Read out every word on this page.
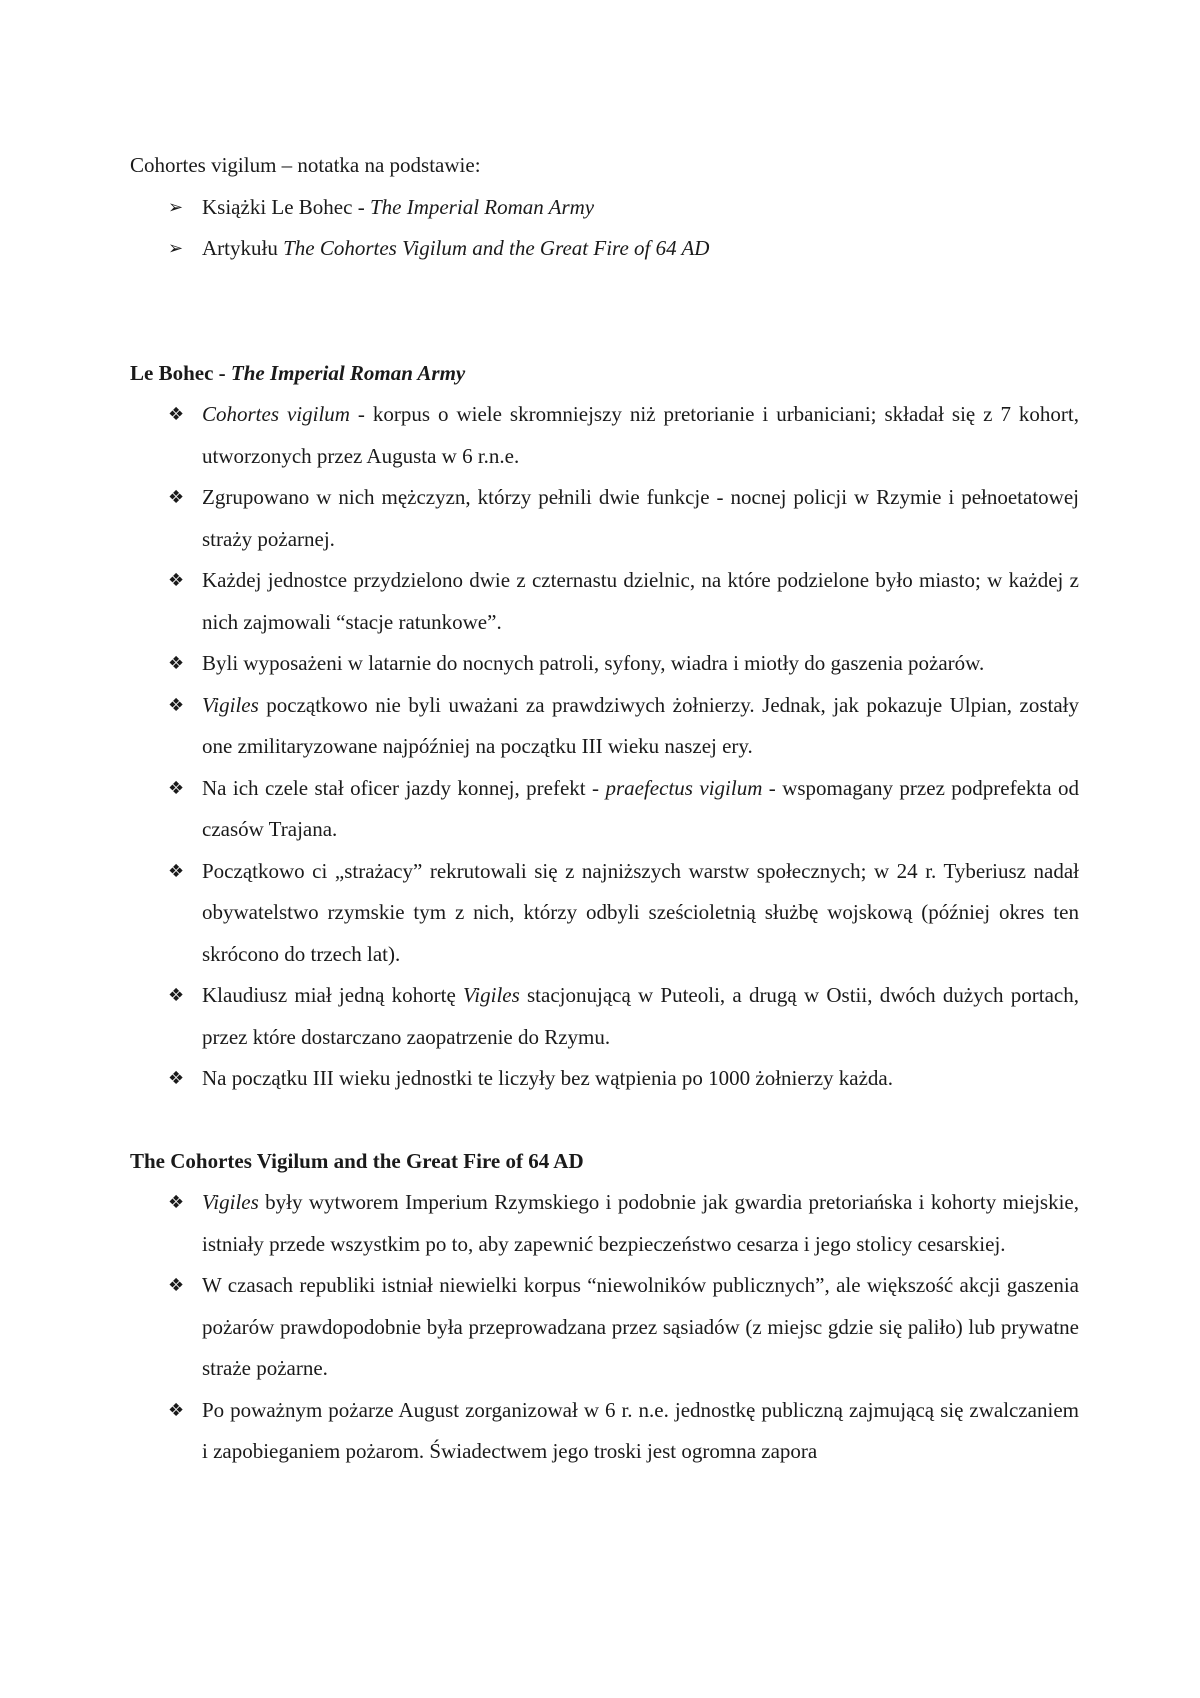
Cohortes vigilum – notatka na podstawie:

➢ Książki Le Bohec - The Imperial Roman Army
➢ Artykułu The Cohortes Vigilum and the Great Fire of 64 AD

Le Bohec - The Imperial Roman Army

❖ Cohortes vigilum - korpus o wiele skromniejszy niż pretorianie i urbaniciani; składał się z 7 kohort, utworzonych przez Augusta w 6 r.n.e.
❖ Zgrupowano w nich mężczyzn, którzy pełnili dwie funkcje - nocnej policji w Rzymie i pełnoetatowej straży pożarnej.
❖ Każdej jednostce przydzielono dwie z czternastu dzielnic, na które podzielone było miasto; w każdej z nich zajmowali “stacje ratunkowe”.
❖ Byli wyposażeni w latarnie do nocnych patroli, syfony, wiadra i miotły do gaszenia pożarów.
❖ Vigiles początkowo nie byli uważani za prawdziwych żołnierzy. Jednak, jak pokazuje Ulpian, zostały one zmilitaryzowane najpóźniej na początku III wieku naszej ery.
❖ Na ich czele stał oficer jazdy konnej, prefekt - praefectus vigilum - wspomagany przez podprefekta od czasów Trajana.
❖ Początkowo ci „strażacy” rekrutowali się z najniższych warstw społecznych; w 24 r. Tyberiusz nadał obywatelstwo rzymskie tym z nich, którzy odbyli sześcioletnią służbę wojskową (później okres ten skrócono do trzech lat).
❖ Klaudiusz miał jedną kohortę Vigiles stacjonującą w Puteoli, a drugą w Ostii, dwóch dużych portach, przez które dostarczano zaopatrzenie do Rzymu.
❖ Na początku III wieku jednostki te liczyły bez wątpienia po 1000 żołnierzy każda.

The Cohortes Vigilum and the Great Fire of 64 AD

❖ Vigiles były wytworem Imperium Rzymskiego i podobnie jak gwardia pretoriańska i kohorty miejskie, istniały przede wszystkim po to, aby zapewnić bezpieczeństwo cesarza i jego stolicy cesarskiej.
❖ W czasach republiki istniał niewielki korpus “niewolników publicznych”, ale większość akcji gaszenia pożarów prawdopodobnie była przeprowadzana przez sąsiadów (z miejsc gdzie się paliło) lub prywatne straże pożarne.
❖ Po poważnym pożarze August zorganizował w 6 r. n.e. jednostkę publiczną zajmującą się zwalczaniem i zapobieganiem pożarom. Świadectwem jego troski jest ogromna zapora
